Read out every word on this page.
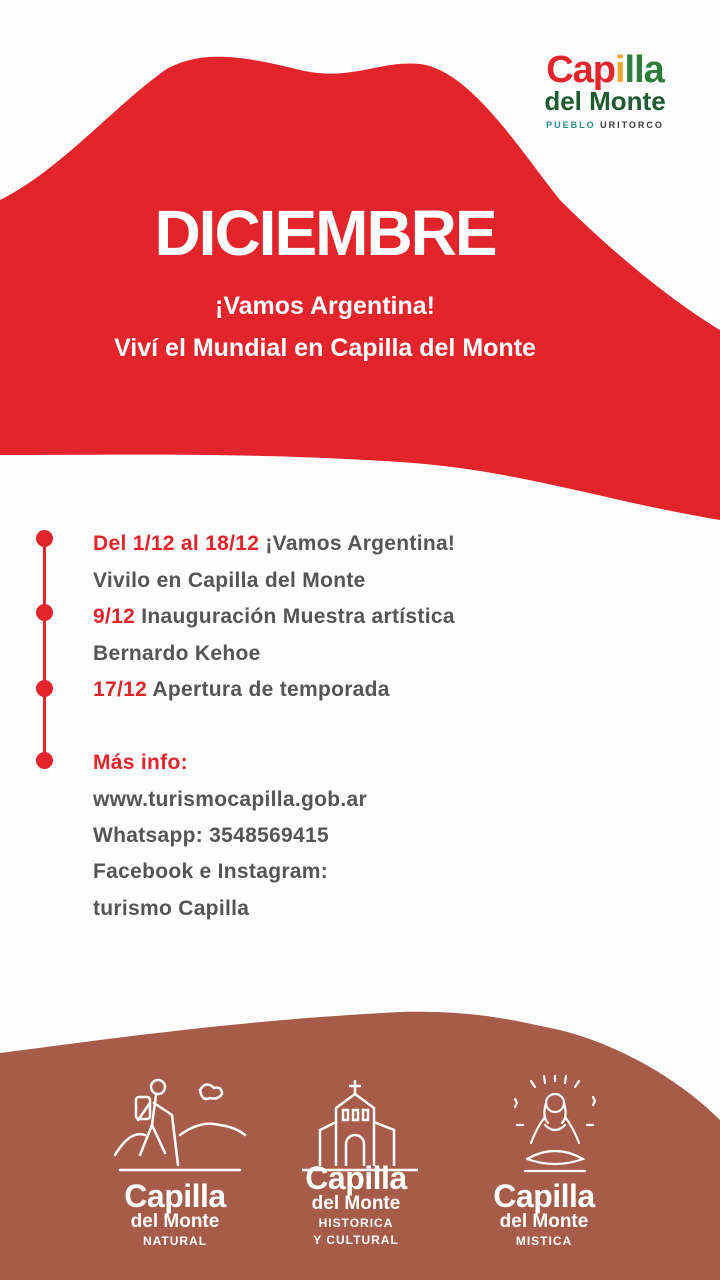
Capilla
del Monte
PUEBLO URITORCO
DICIEMBRE
¡Vamos Argentina!
Viví el Mundial en Capilla del Monte
Del 1/12 al 18/12 ¡Vamos Argentina!
Vivilo en Capilla del Monte
9/12 Inauguración Muestra artística
Bernardo Kehoe
17/12 Apertura de temporada
Más info:
www.turismocapilla.gob.ar
Whatsapp: 3548569415
Facebook e Instagram:
turismo Capilla
Capilla
del Monte
NATURAL
Capilla
del Monte
HISTORICA
Y CULTURAL
Capilla
del Monte
MISTICA
